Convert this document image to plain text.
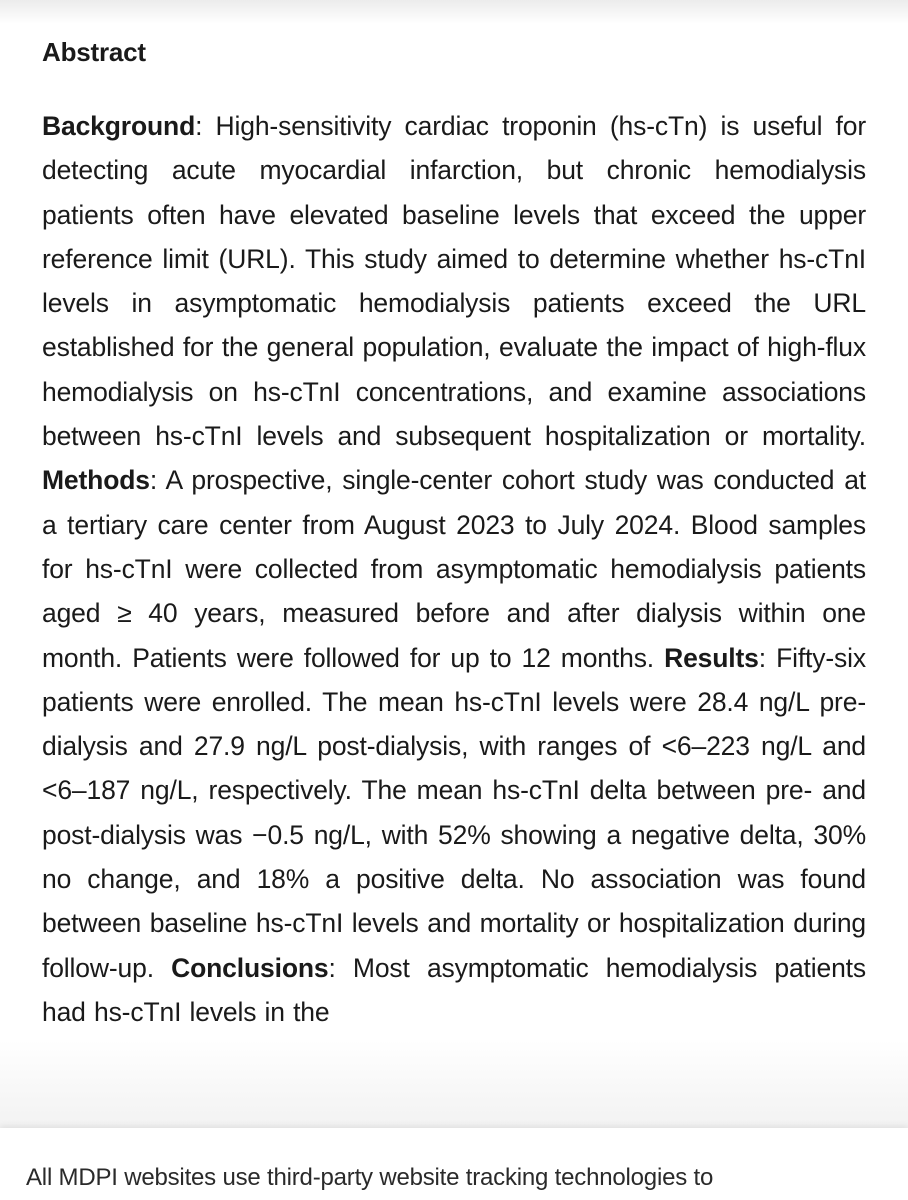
Abstract

Background: High-sensitivity cardiac troponin (hs-cTn) is useful for detecting acute myocardial infarction, but chronic hemodialysis patients often have elevated baseline levels that exceed the upper reference limit (URL). This study aimed to determine whether hs-cTnI levels in asymptomatic hemodialysis patients exceed the URL established for the general population, evaluate the impact of high-flux hemodialysis on hs-cTnI concentrations, and examine associations between hs-cTnI levels and subsequent hospitalization or mortality. Methods: A prospective, single-center cohort study was conducted at a tertiary care center from August 2023 to July 2024. Blood samples for hs-cTnI were collected from asymptomatic hemodialysis patients aged ≥ 40 years, measured before and after dialysis within one month. Patients were followed for up to 12 months. Results: Fifty-six patients were enrolled. The mean hs-cTnI levels were 28.4 ng/L pre-dialysis and 27.9 ng/L post-dialysis, with ranges of <6–223 ng/L and <6–187 ng/L, respectively. The mean hs-cTnI delta between pre- and post-dialysis was −0.5 ng/L, with 52% showing a negative delta, 30% no change, and 18% a positive delta. No association was found between baseline hs-cTnI levels and mortality or hospitalization during follow-up. Conclusions: Most asymptomatic hemodialysis patients had hs-cTnI levels in the

All MDPI websites use third-party website tracking technologies to
